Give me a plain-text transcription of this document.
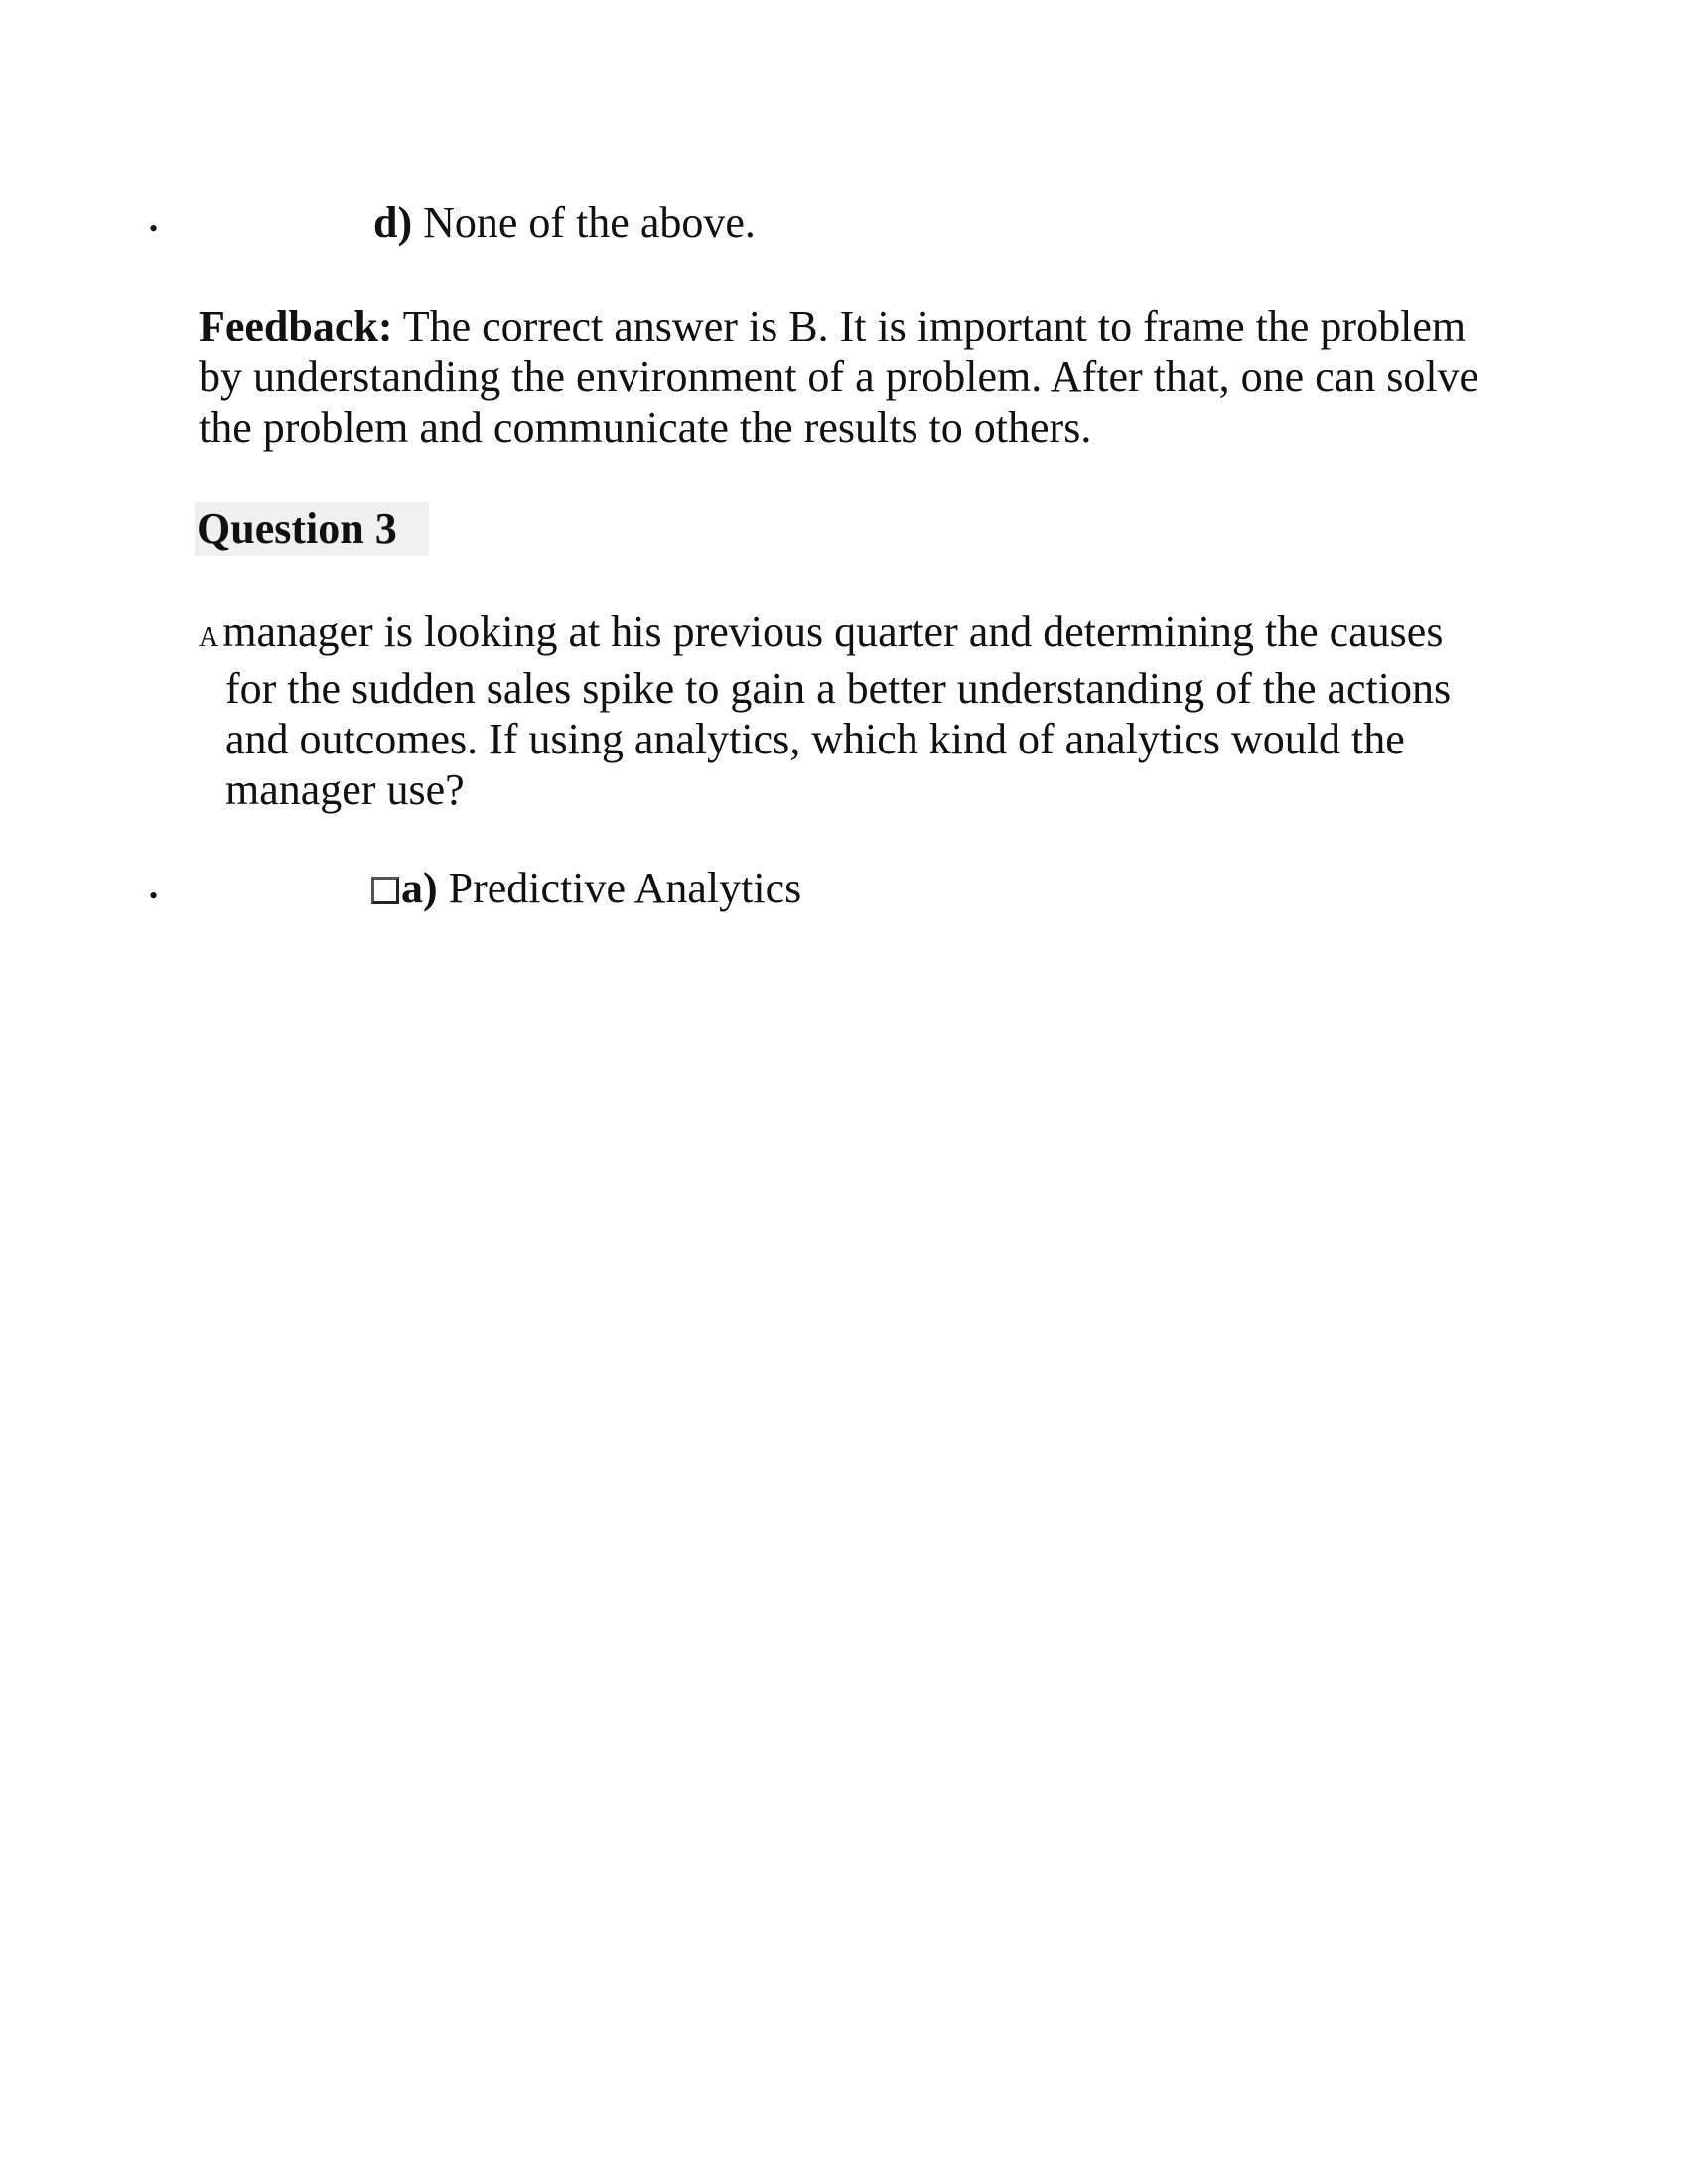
•	d) None of the above.
Feedback: The correct answer is B. It is important to frame the problem by understanding the environment of a problem. After that, one can solve the problem and communicate the results to others.
Question 3
Amanager is looking at his previous quarter and determining the causes
for the sudden sales spike to gain a better understanding of the actions and outcomes. If using analytics, which kind of analytics would the manager use?
•	a) Predictive Analytics
